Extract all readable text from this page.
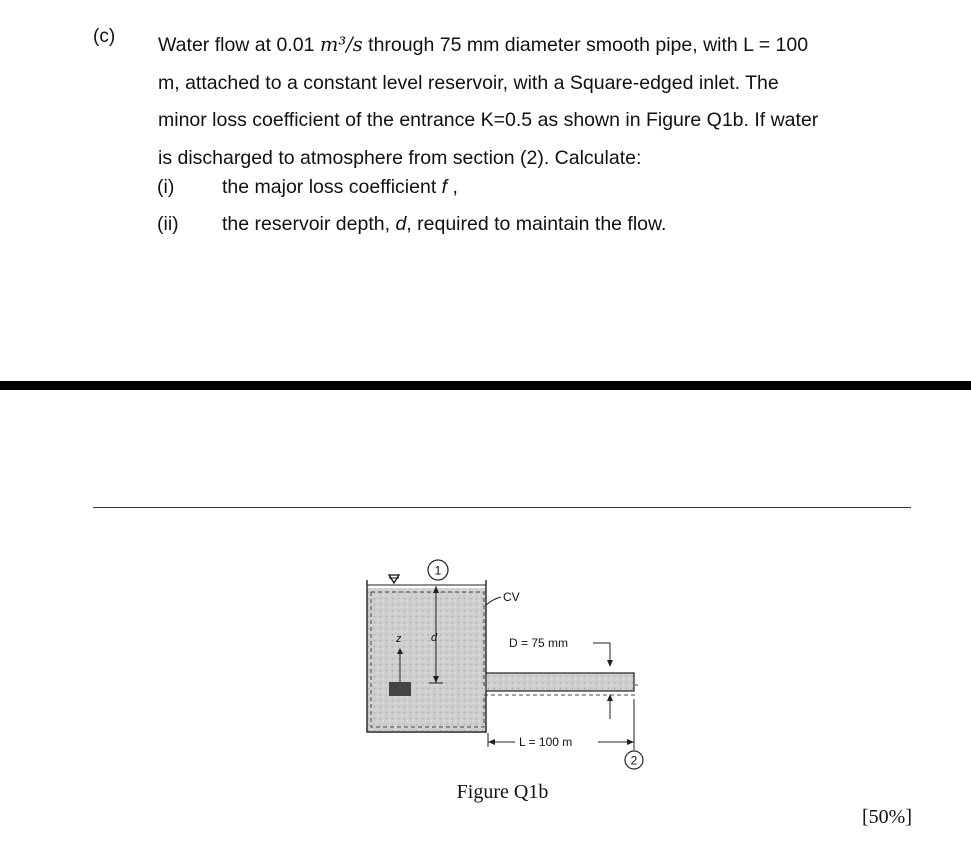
(c) Water flow at 0.01 m³/s through 75 mm diameter smooth pipe, with L = 100
m, attached to a constant level reservoir, with a Square-edged inlet. The
minor loss coefficient of the entrance K=0.5 as shown in Figure Q1b. If water
is discharged to atmosphere from section (2). Calculate:
(i) the major loss coefficient f ,
(ii) the reservoir depth, d, required to maintain the flow.
1
z	d
CV
D = 75 mm
L = 100 m
2
Figure Q1b
[50%]
